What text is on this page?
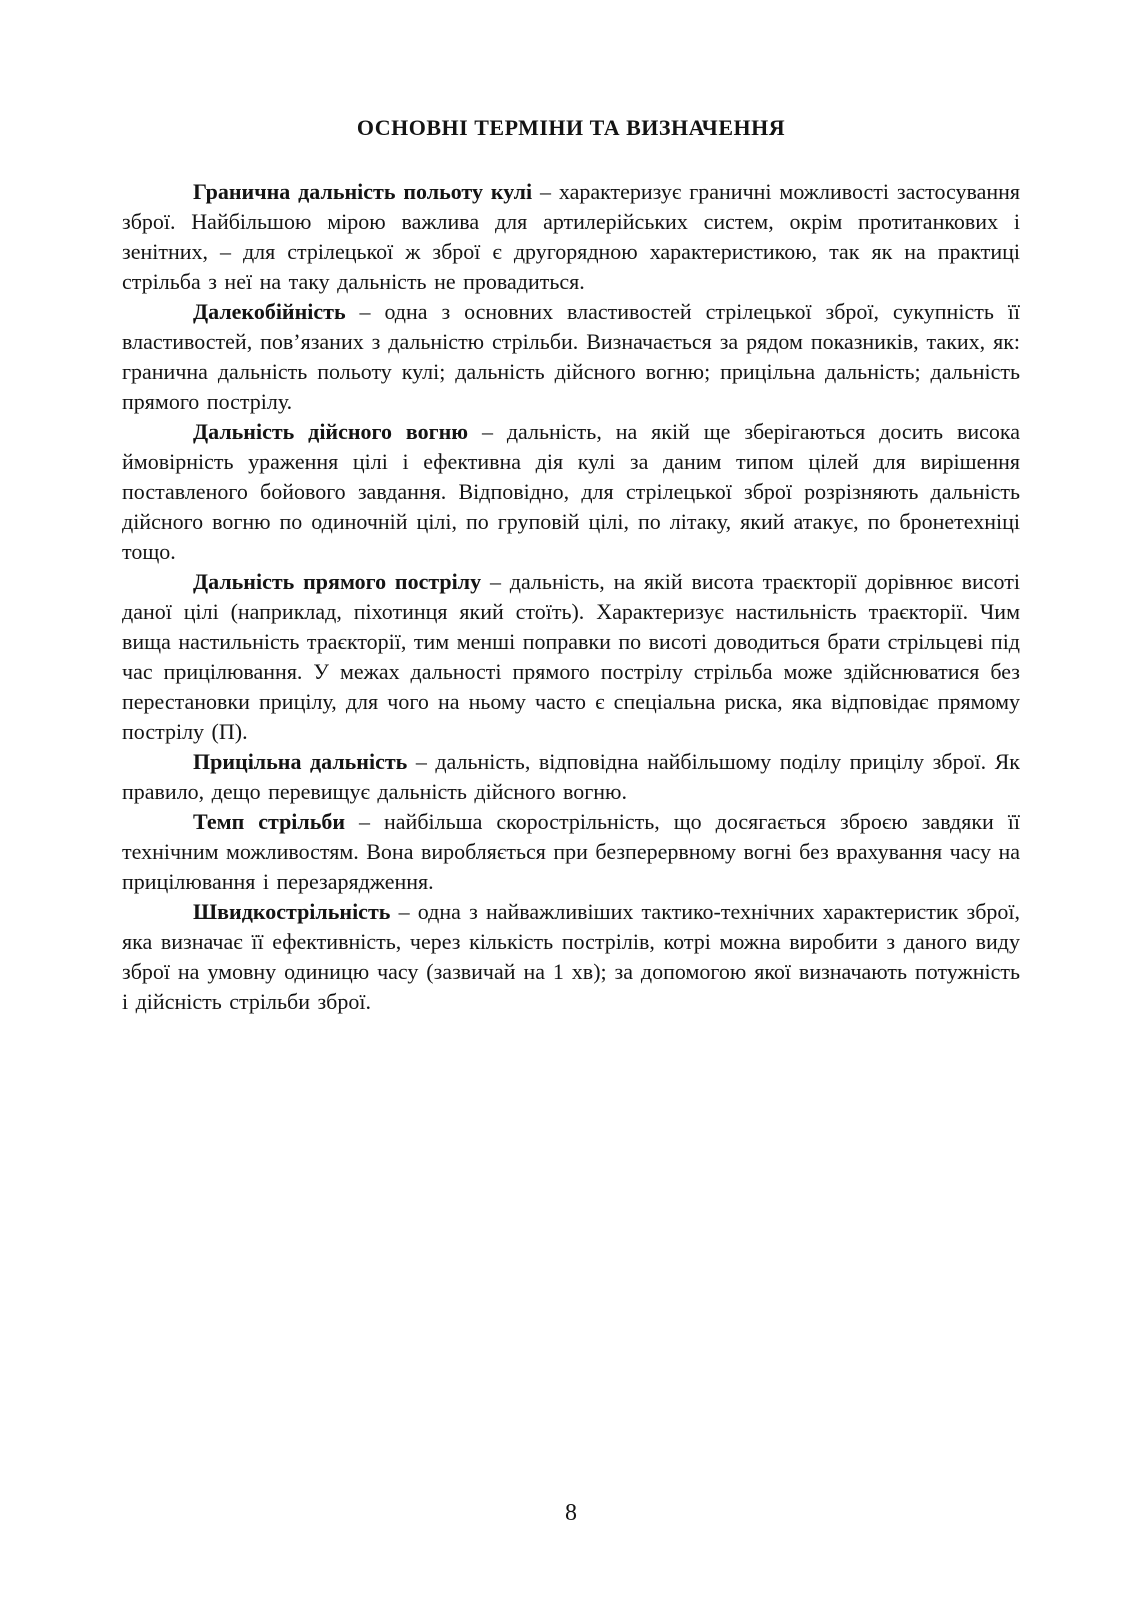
ОСНОВНІ ТЕРМІНИ ТА ВИЗНАЧЕННЯ

Гранична дальність польоту кулі – характеризує граничні можливості застосування зброї. Найбільшою мірою важлива для артилерійських систем, окрім протитанкових і зенітних, – для стрілецької ж зброї є другорядною характеристикою, так як на практиці стрільба з неї на таку дальність не провадиться.

Далекобійність – одна з основних властивостей стрілецької зброї, сукупність її властивостей, пов’язаних з дальністю стрільби. Визначається за рядом показників, таких, як: гранична дальність польоту кулі; дальність дійсного вогню; прицільна дальність; дальність прямого пострілу.

Дальність дійсного вогню – дальність, на якій ще зберігаються досить висока ймовірність ураження цілі і ефективна дія кулі за даним типом цілей для вирішення поставленого бойового завдання. Відповідно, для стрілецької зброї розрізняють дальність дійсного вогню по одиночній цілі, по груповій цілі, по літаку, який атакує, по бронетехніці тощо.

Дальність прямого пострілу – дальність, на якій висота траєкторії дорівнює висоті даної цілі (наприклад, піхотинця який стоїть). Характеризує настильність траєкторії. Чим вища настильність траєкторії, тим менші поправки по висоті доводиться брати стрільцеві під час прицілювання. У межах дальності прямого пострілу стрільба може здійснюватися без перестановки прицілу, для чого на ньому часто є спеціальна риска, яка відповідає прямому пострілу (П).

Прицільна дальність – дальність, відповідна найбільшому поділу прицілу зброї. Як правило, дещо перевищує дальність дійсного вогню.

Темп стрільби – найбільша скорострільність, що досягається зброєю завдяки її технічним можливостям. Вона виробляється при безперервному вогні без врахування часу на прицілювання і перезарядження.

Швидкострільність – одна з найважливіших тактико-технічних характеристик зброї, яка визначає її ефективність, через кількість пострілів, котрі можна виробити з даного виду зброї на умовну одиницю часу (зазвичай на 1 хв); за допомогою якої визначають потужність і дійсність стрільби зброї.

8
